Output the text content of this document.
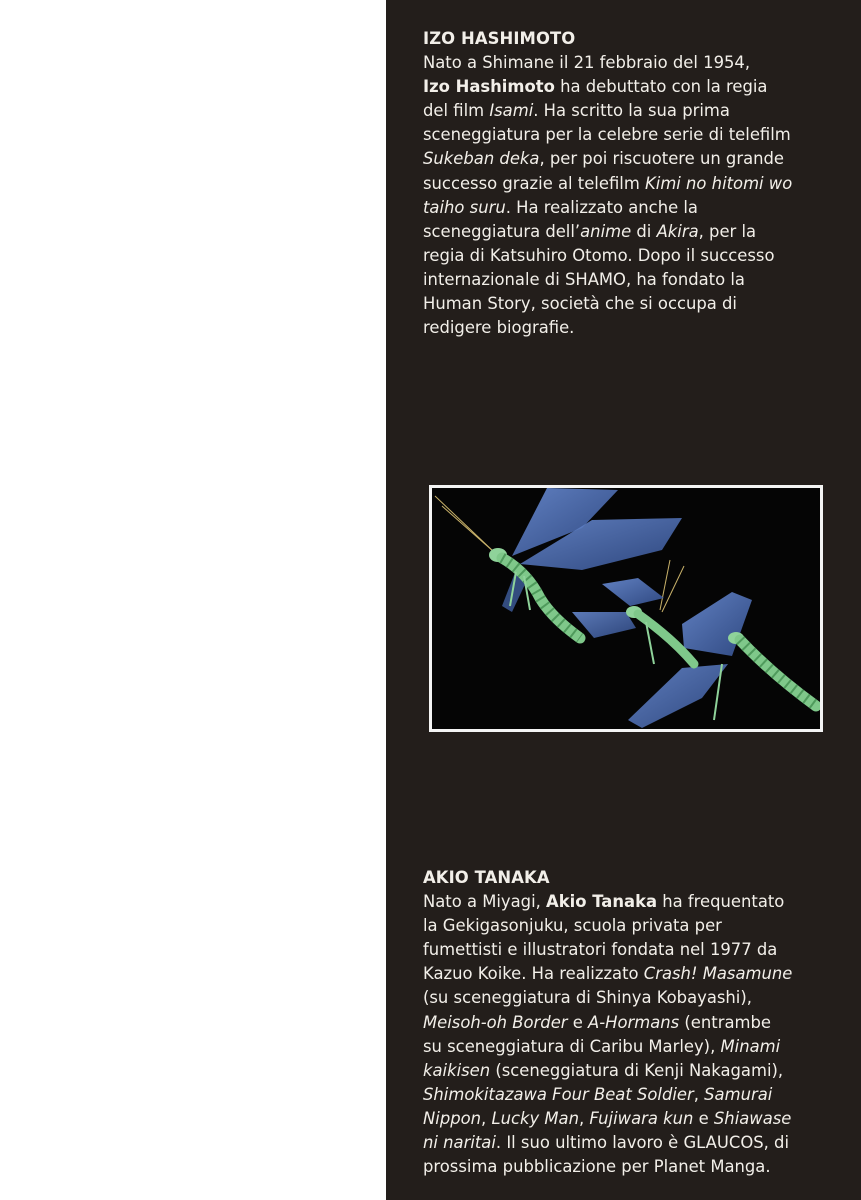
IZO HASHIMOTO

Nato a Shimane il 21 febbraio del 1954,

Izo Hashimoto ha debuttato con la regia

del film Isami. Ha scritto la sua prima

sceneggiatura per la celebre serie di telefilm

Sukeban deka, per poi riscuotere un grande

successo grazie al telefilm Kimi no hitomi wo

taiho suru. Ha realizzato anche la

sceneggiatura dell’anime di Akira, per la

regia di Katsuhiro Otomo. Dopo il successo

internazionale di SHAMO, ha fondato la

Human Story, società che si occupa di

redigere biografie.

AKIO TANAKA

Nato a Miyagi, Akio Tanaka ha frequentato

la Gekigasonjuku, scuola privata per

fumettisti e illustratori fondata nel 1977 da

Kazuo Koike. Ha realizzato Crash! Masamune

(su sceneggiatura di Shinya Kobayashi),

Meisoh-oh Border e A-Hormans (entrambe

su sceneggiatura di Caribu Marley), Minami

kaikisen (sceneggiatura di Kenji Nakagami),

Shimokitazawa Four Beat Soldier, Samurai

Nippon, Lucky Man, Fujiwara kun e Shiawase

ni naritai. Il suo ultimo lavoro è GLAUCOS, di

prossima pubblicazione per Planet Manga.
